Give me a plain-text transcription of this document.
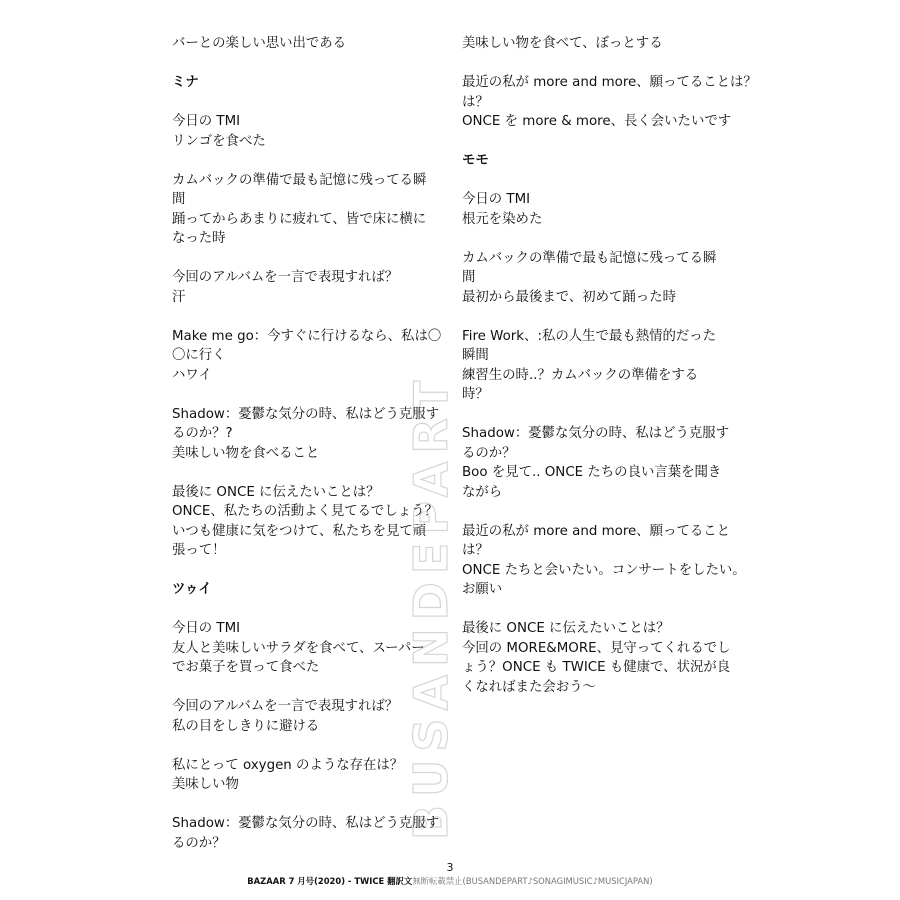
BUSANDEPART
バーとの楽しい思い出である
ミナ
今日の TMI
リンゴを食べた
カムバックの準備で最も記憶に残ってる瞬
間
踊ってからあまりに疲れて、皆で床に横に
なった時
今回のアルバムを一言で表現すれば？
汗
Make me go：今すぐに行けるなら、私は〇
〇に行く
ハワイ
Shadow：憂鬱な気分の時、私はどう克服す
るのか？?
美味しい物を食べること
最後に ONCE に伝えたいことは？
ONCE、私たちの活動よく見てるでしょう？
いつも健康に気をつけて、私たちを見て頑
張って！
ツゥイ
今日の TMI
友人と美味しいサラダを食べて、スーパー
でお菓子を買って食べた
今回のアルバムを一言で表現すれば？
私の目をしきりに避ける
私にとって oxygen のような存在は？
美味しい物
Shadow：憂鬱な気分の時、私はどう克服す
るのか？
美味しい物を食べて、ぼっとする
最近の私が more and more、願ってることは？
は？
ONCE を more & more、長く会いたいです
モモ
今日の TMI
根元を染めた
カムバックの準備で最も記憶に残ってる瞬
間
最初から最後まで、初めて踊った時
Fire Work、:私の人生で最も熱情的だった
瞬間
練習生の時..？カムバックの準備をする
時？
Shadow：憂鬱な気分の時、私はどう克服す
るのか？
Boo を見て.. ONCE たちの良い言葉を聞き
ながら
最近の私が more and more、願ってること
は？
ONCE たちと会いたい。コンサートをしたい。
お願い
最後に ONCE に伝えたいことは？
今回の MORE&MORE、見守ってくれるでし
ょう？ONCE も TWICE も健康で、状況が良
くなればまた会おう〜
3
BAZAAR 7 月号(2020) - TWICE 翻訳文無断転載禁止(BUSANDEPART♪SONAGIMUSIC♪MUSICJAPAN)
